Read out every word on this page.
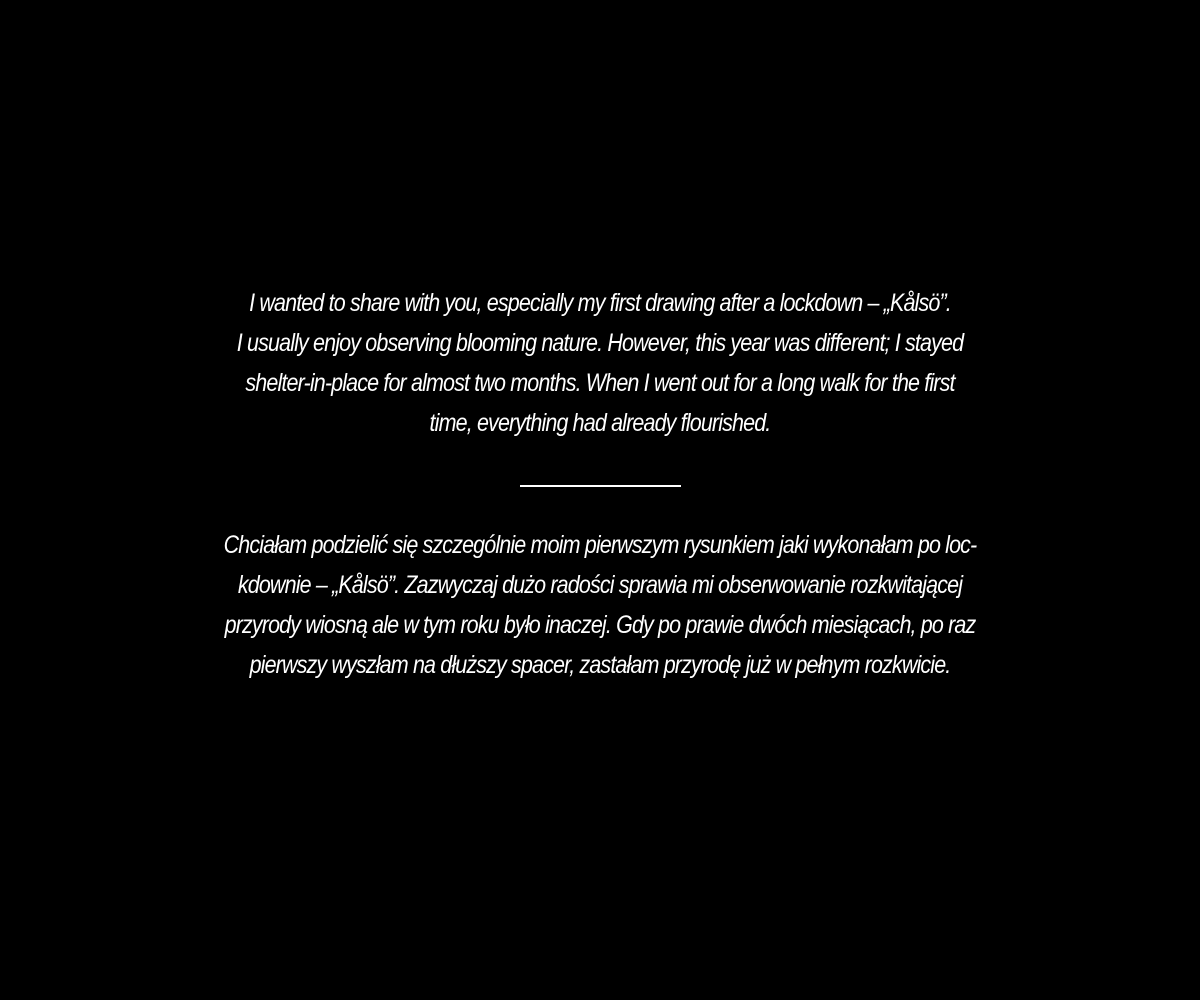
I wanted to share with you, especially my first drawing after a lockdown – „Kålsö”.
I usually enjoy observing blooming nature. However, this year was different; I stayed
shelter-in-place for almost two months. When I went out for a long walk for the first
time, everything had already flourished.
Chciałam podzielić się szczególnie moim pierwszym rysunkiem jaki wykonałam po loc-
kdownie – „Kålsö”. Zazwyczaj dużo radości sprawia mi obserwowanie rozkwitającej
przyrody wiosną ale w tym roku było inaczej. Gdy po prawie dwóch miesiącach, po raz
pierwszy wyszłam na dłuższy spacer, zastałam przyrodę już w pełnym rozkwicie.
